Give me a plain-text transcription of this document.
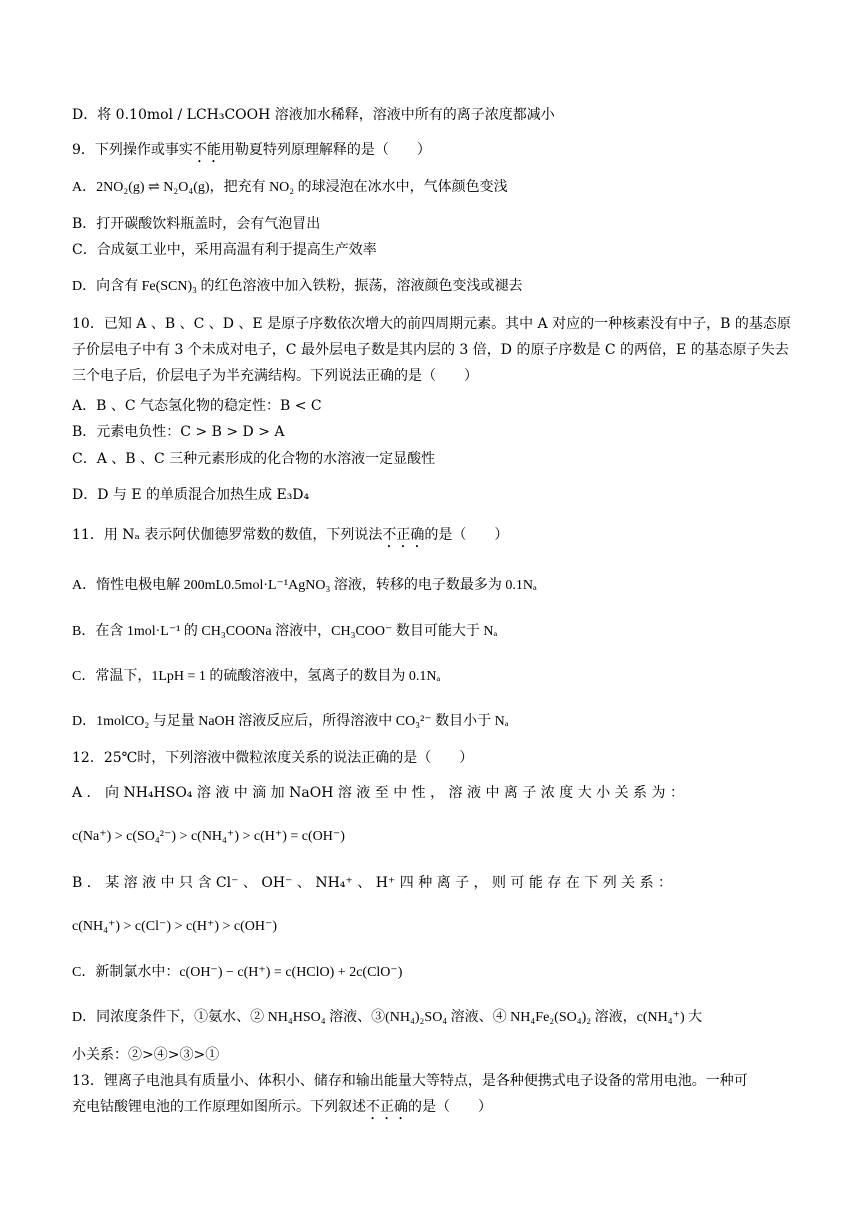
D．将 0.10mol / LCH₃COOH 溶液加水稀释，溶液中所有的离子浓度都减小
9．下列操作或事实不能用勒夏特列原理解释的是（　　）
A．2NO₂(g) ⇌ N₂O₄(g)，把充有 NO₂ 的球浸泡在冰水中，气体颜色变浅
B．打开碳酸饮料瓶盖时，会有气泡冒出
C．合成氨工业中，采用高温有利于提高生产效率
D．向含有 Fe(SCN)₃ 的红色溶液中加入铁粉，振荡，溶液颜色变浅或褪去
10．已知 A 、B 、C 、D 、E 是原子序数依次增大的前四周期元素。其中 A 对应的一种核素没有中子，B 的基态原子价层电子中有 3 个未成对电子，C 最外层电子数是其内层的 3 倍，D 的原子序数是 C 的两倍，E 的基态原子失去三个电子后，价层电子为半充满结构。下列说法正确的是（　　）
A．B 、C 气态氢化物的稳定性：B < C
B．元素电负性：C > B > D > A
C．A 、B 、C 三种元素形成的化合物的水溶液一定显酸性
D．D 与 E 的单质混合加热生成 E₃D₄
11．用 Nₐ 表示阿伏伽德罗常数的数值，下列说法不正确的是（　　）
A．惰性电极电解 200mL0.5mol·L⁻¹AgNO₃ 溶液，转移的电子数最多为 0.1Nₐ
B．在含 1mol·L⁻¹ 的 CH₃COONa 溶液中，CH₃COO⁻ 数目可能大于 Nₐ
C．常温下，1LpH = 1 的硫酸溶液中，氢离子的数目为 0.1Nₐ
D．1molCO₂ 与足量 NaOH 溶液反应后，所得溶液中 CO₃²⁻ 数目小于 Nₐ
12．25℃时，下列溶液中微粒浓度关系的说法正确的是（　　）
A ． 向 NH₄HSO₄ 溶 液 中 滴 加 NaOH 溶 液 至 中 性 ， 溶 液 中 离 子 浓 度 大 小 关 系 为 ：
c(Na⁺) > c(SO₄²⁻) > c(NH₄⁺) > c(H⁺) = c(OH⁻)
B ． 某 溶 液 中 只 含 Cl⁻ 、 OH⁻ 、 NH₄⁺ 、 H⁺ 四 种 离 子 ， 则 可 能 存 在 下 列 关 系 ：
c(NH₄⁺) > c(Cl⁻) > c(H⁺) > c(OH⁻)
C．新制氯水中：c(OH⁻) − c(H⁺) = c(HClO) + 2c(ClO⁻)
D．同浓度条件下，①氨水、② NH₄HSO₄ 溶液、③(NH₄)₂SO₄ 溶液、④ NH₄Fe₂(SO₄)₂ 溶液，c(NH₄⁺) 大
小关系：②>④>③>①
13．锂离子电池具有质量小、体积小、储存和输出能量大等特点，是各种便携式电子设备的常用电池。一种可
充电钴酸锂电池的工作原理如图所示。下列叙述不正确的是（　　）
